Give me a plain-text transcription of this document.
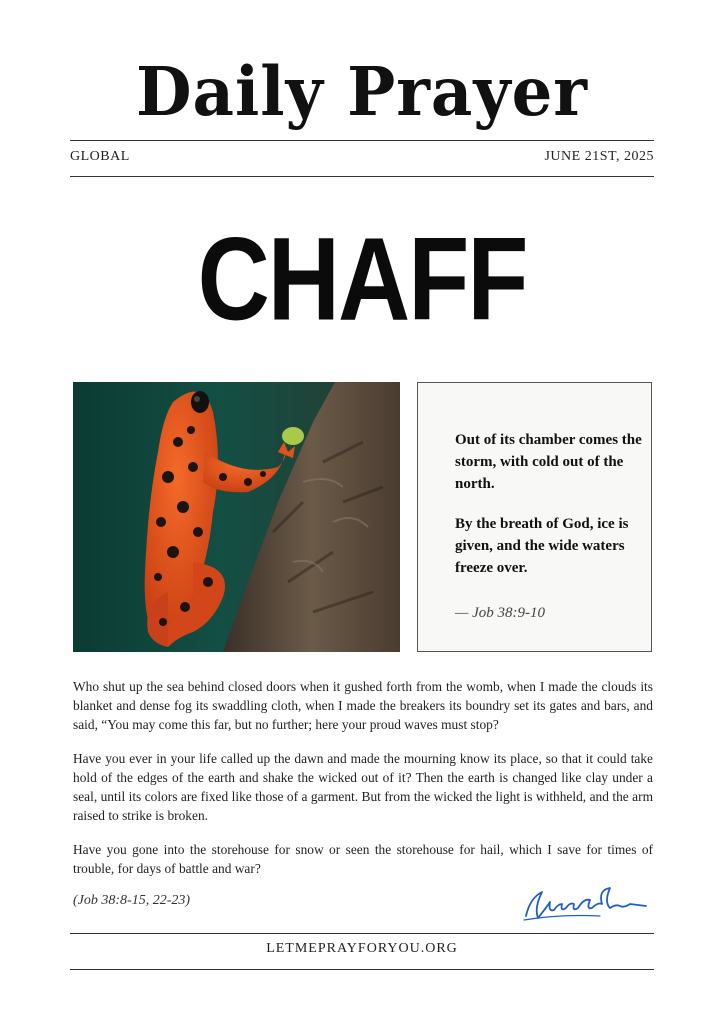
Daily Prayer
GLOBAL	JUNE 21ST, 2025
CHAFF
Out of its chamber comes the storm, with cold out of the north.
By the breath of God, ice is given, and the wide waters freeze over.
— Job 38:9-10
Who shut up the sea behind closed doors when it gushed forth from the womb, when I made the clouds its blanket and dense fog its swaddling cloth, when I made the breakers its boundry set its gates and bars, and said, “You may come this far, but no further; here your proud waves must stop?
Have you ever in your life called up the dawn and made the mourning know its place, so that it could take hold of the edges of the earth and shake the wicked out of it? Then the earth is changed like clay under a seal, until its colors are fixed like those of a garment. But from the wicked the light is withheld, and the arm raised to strike is broken.
Have you gone into the storehouse for snow or seen the storehouse for hail, which I save for times of trouble, for days of battle and war?
(Job 38:8-15, 22-23)
LETMEPRAYFORYOU.ORG
